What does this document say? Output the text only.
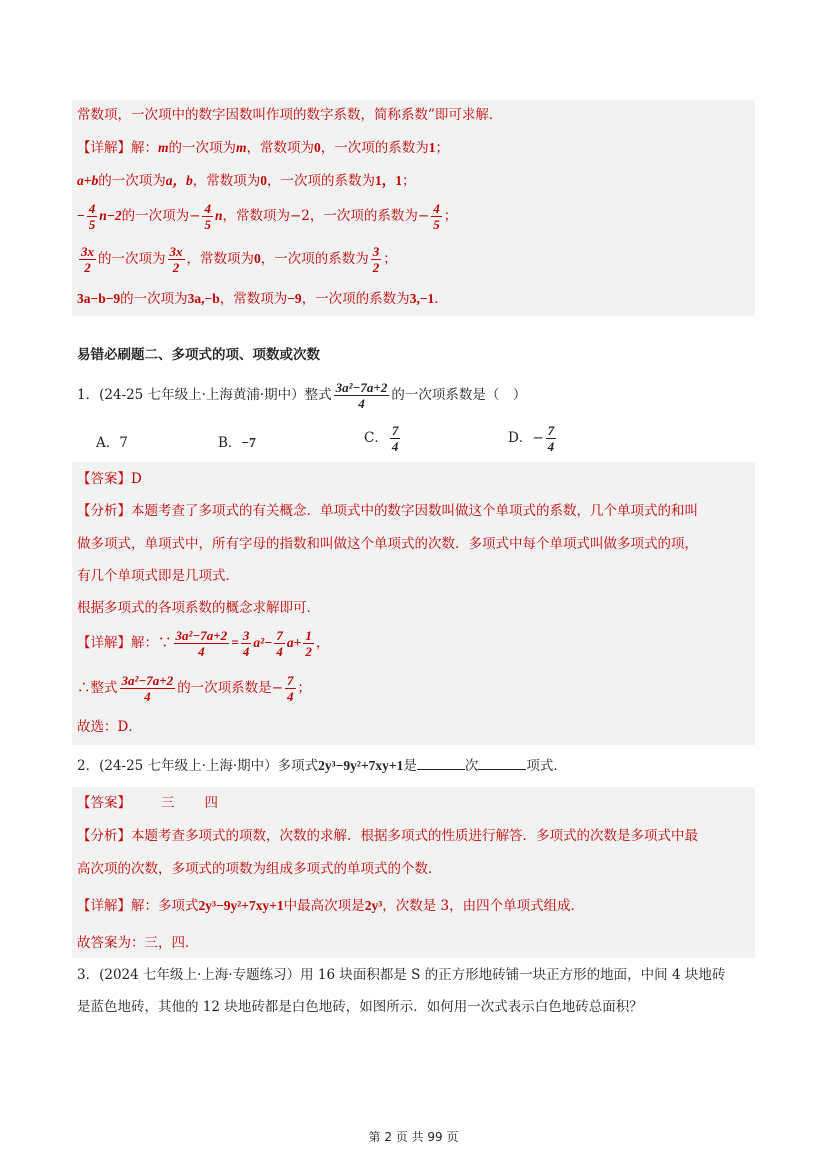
常数项，一次项中的数字因数叫作项的数字系数，简称系数”即可求解．
【详解】解：m的一次项为m，常数项为0，一次项的系数为1；
a+b的一次项为a，b，常数项为0，一次项的系数为1，1；
− $\frac{4}{5} n-2$的一次项为− $\frac{4}{5}$ n，常数项为−2，一次项的系数为− $\frac{4}{5}$ ；
$\frac{3x}{2}$ 的一次项为 $\frac{3x}{2}$ ，常数项为0，一次项的系数为 $\frac{3}{2}$ ；
3a−b−9的一次项为3a,−b，常数项为−9，一次项的系数为3,−1．
易错必刷题二、多项式的项、项数或次数
1．(24-25 七年级上·上海黄浦·期中）整式 $\frac{\text{3a²−7a+2}}{4}$ 的一次项系数是（　）
A．7	B．−7	C． $\frac{7}{4}$	D．− $\frac{7}{4}$
【答案】D
【分析】本题考查了多项式的有关概念．单项式中的数字因数叫做这个单项式的系数，几个单项式的和叫
做多项式，单项式中，所有字母的指数和叫做这个单项式的次数．多项式中每个单项式叫做多项式的项，
有几个单项式即是几项式．
根据多项式的各项系数的概念求解即可．
【详解】解：∵ $\frac{\text{3a²−7a+2}}{4} = \frac{3}{4} a^2- \frac{7}{4} a+ \frac{1}{2}$ ，
∴整式 $\frac{\text{3a²−7a+2}}{4}$ 的一次项系数是− $\frac{7}{4}$ ；
故选：D．
2．(24-25 七年级上·上海·期中）多项式2y³−9y²+7xy+1是	次	项式．
【答案】 三 四
【分析】本题考查多项式的项数，次数的求解．根据多项式的性质进行解答．多项式的次数是多项式中最
高次项的次数，多项式的项数为组成多项式的单项式的个数．
【详解】解：多项式2y³−9y²+7xy+1中最高次项是2y³，次数是 3，由四个单项式组成．
故答案为：三，四．
3．(2024 七年级上·上海·专题练习）用 16 块面积都是 S 的正方形地砖铺一块正方形的地面，中间 4 块地砖
是蓝色地砖，其他的 12 块地砖都是白色地砖，如图所示．如何用一次式表示白色地砖总面积？
第 2 页 共 99 页
